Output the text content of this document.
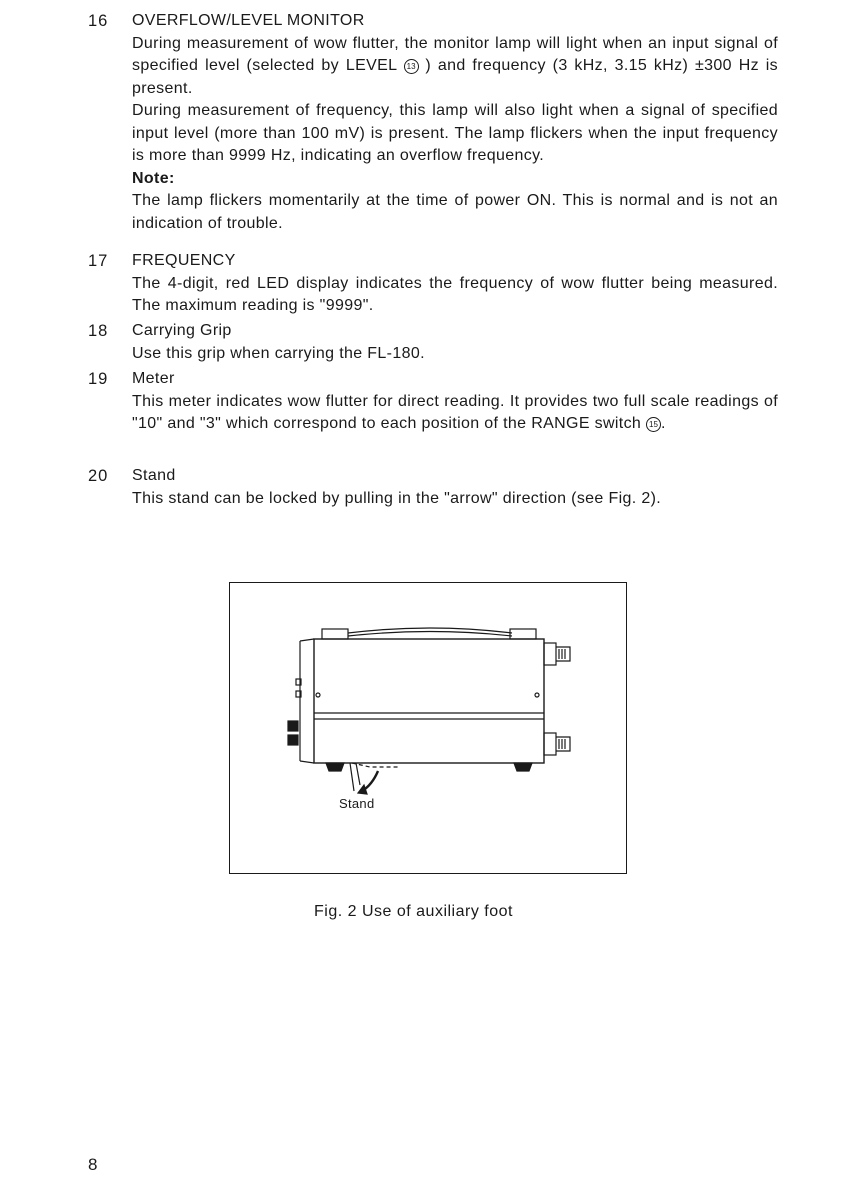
16	OVERFLOW/LEVEL MONITOR

During measurement of wow flutter, the monitor lamp will light when an input signal of specified level (selected by LEVEL 13 ) and frequency (3 kHz, 3.15 kHz) ±300 Hz is present.

During measurement of frequency, this lamp will also light when a signal of specified input level (more than 100 mV) is present. The lamp flickers when the input frequency is more than 9999 Hz, indicating an overflow frequency.

Note:

The lamp flickers momentarily at the time of power ON. This is normal and is not an indication of trouble.

17	FREQUENCY

The 4-digit, red LED display indicates the frequency of wow flutter being measured. The maximum reading is "9999".

18	Carrying Grip

Use this grip when carrying the FL-180.

19	Meter

This meter indicates wow flutter for direct reading. It provides two full scale readings of "10" and "3" which correspond to each position of the RANGE switch 15 .

20	Stand

This stand can be locked by pulling in the "arrow" direction (see Fig. 2).

Stand
Fig. 2 Use of auxiliary foot
8
